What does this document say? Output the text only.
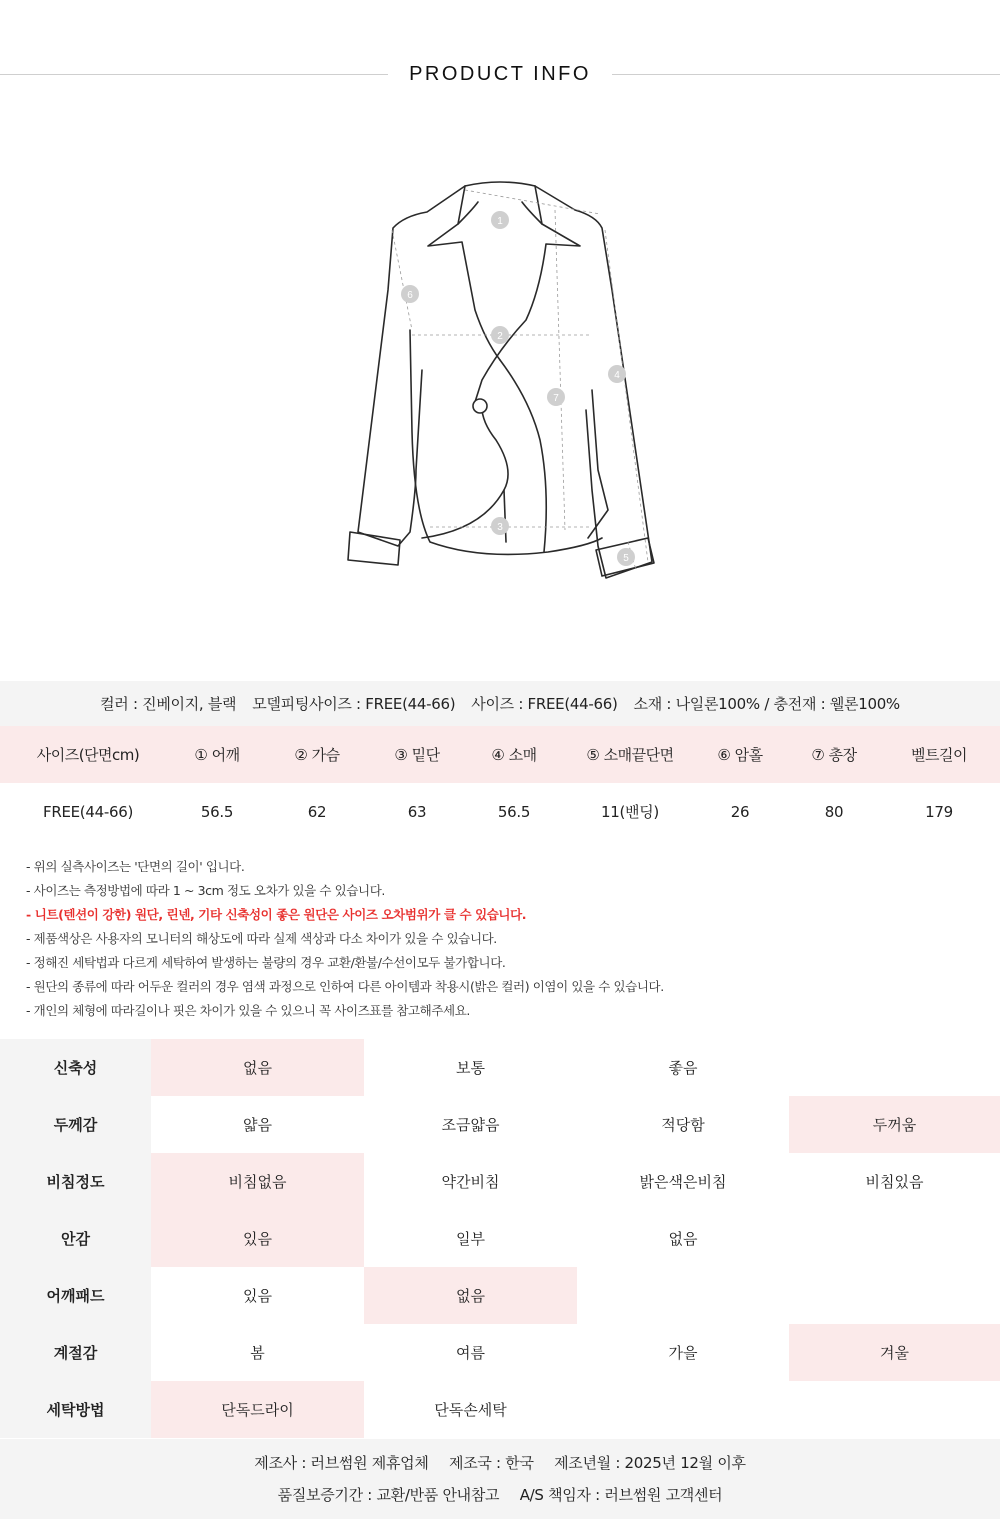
PRODUCT INFO
1
2
3
4
5
6
7
컬러 : 진베이지, 블랙 모델피팅사이즈 : FREE(44-66) 사이즈 : FREE(44-66) 소재 : 나일론100% / 충전재 : 웰론100%
사이즈(단면cm)	① 어깨	② 가슴	③ 밑단	④ 소매	⑤ 소매끝단면	⑥ 암홀	⑦ 총장	벨트길이
FREE(44-66)	56.5	62	63	56.5	11(밴딩)	26	80	179
- 위의 실측사이즈는 '단면의 길이' 입니다.
- 사이즈는 측정방법에 따라 1 ~ 3cm 정도 오차가 있을 수 있습니다.
- 니트(텐션이 강한) 원단, 린넨, 기타 신축성이 좋은 원단은 사이즈 오차범위가 클 수 있습니다.
- 제품색상은 사용자의 모니터의 해상도에 따라 실제 색상과 다소 차이가 있을 수 있습니다.
- 정해진 세탁법과 다르게 세탁하여 발생하는 불량의 경우 교환/환불/수선이모두 불가합니다.
- 원단의 종류에 따라 어두운 컬러의 경우 염색 과정으로 인하여 다른 아이템과 착용시(밝은 컬러) 이염이 있을 수 있습니다.
- 개인의 체형에 따라길이나 핏은 차이가 있을 수 있으니 꼭 사이즈표를 참고해주세요.
신축성	없음	보통	좋음	
두께감	얇음	조금얇음	적당함	두꺼움
비침정도	비침없음	약간비침	밝은색은비침	비침있음
안감	있음	일부	없음	
어깨패드	있음	없음		
계절감	봄	여름	가을	겨울
세탁방법	단독드라이	단독손세탁		
제조사 : 러브썸원 제휴업체 제조국 : 한국 제조년월 : 2025년 12월 이후
품질보증기간 : 교환/반품 안내참고 A/S 책임자 : 러브썸원 고객센터
